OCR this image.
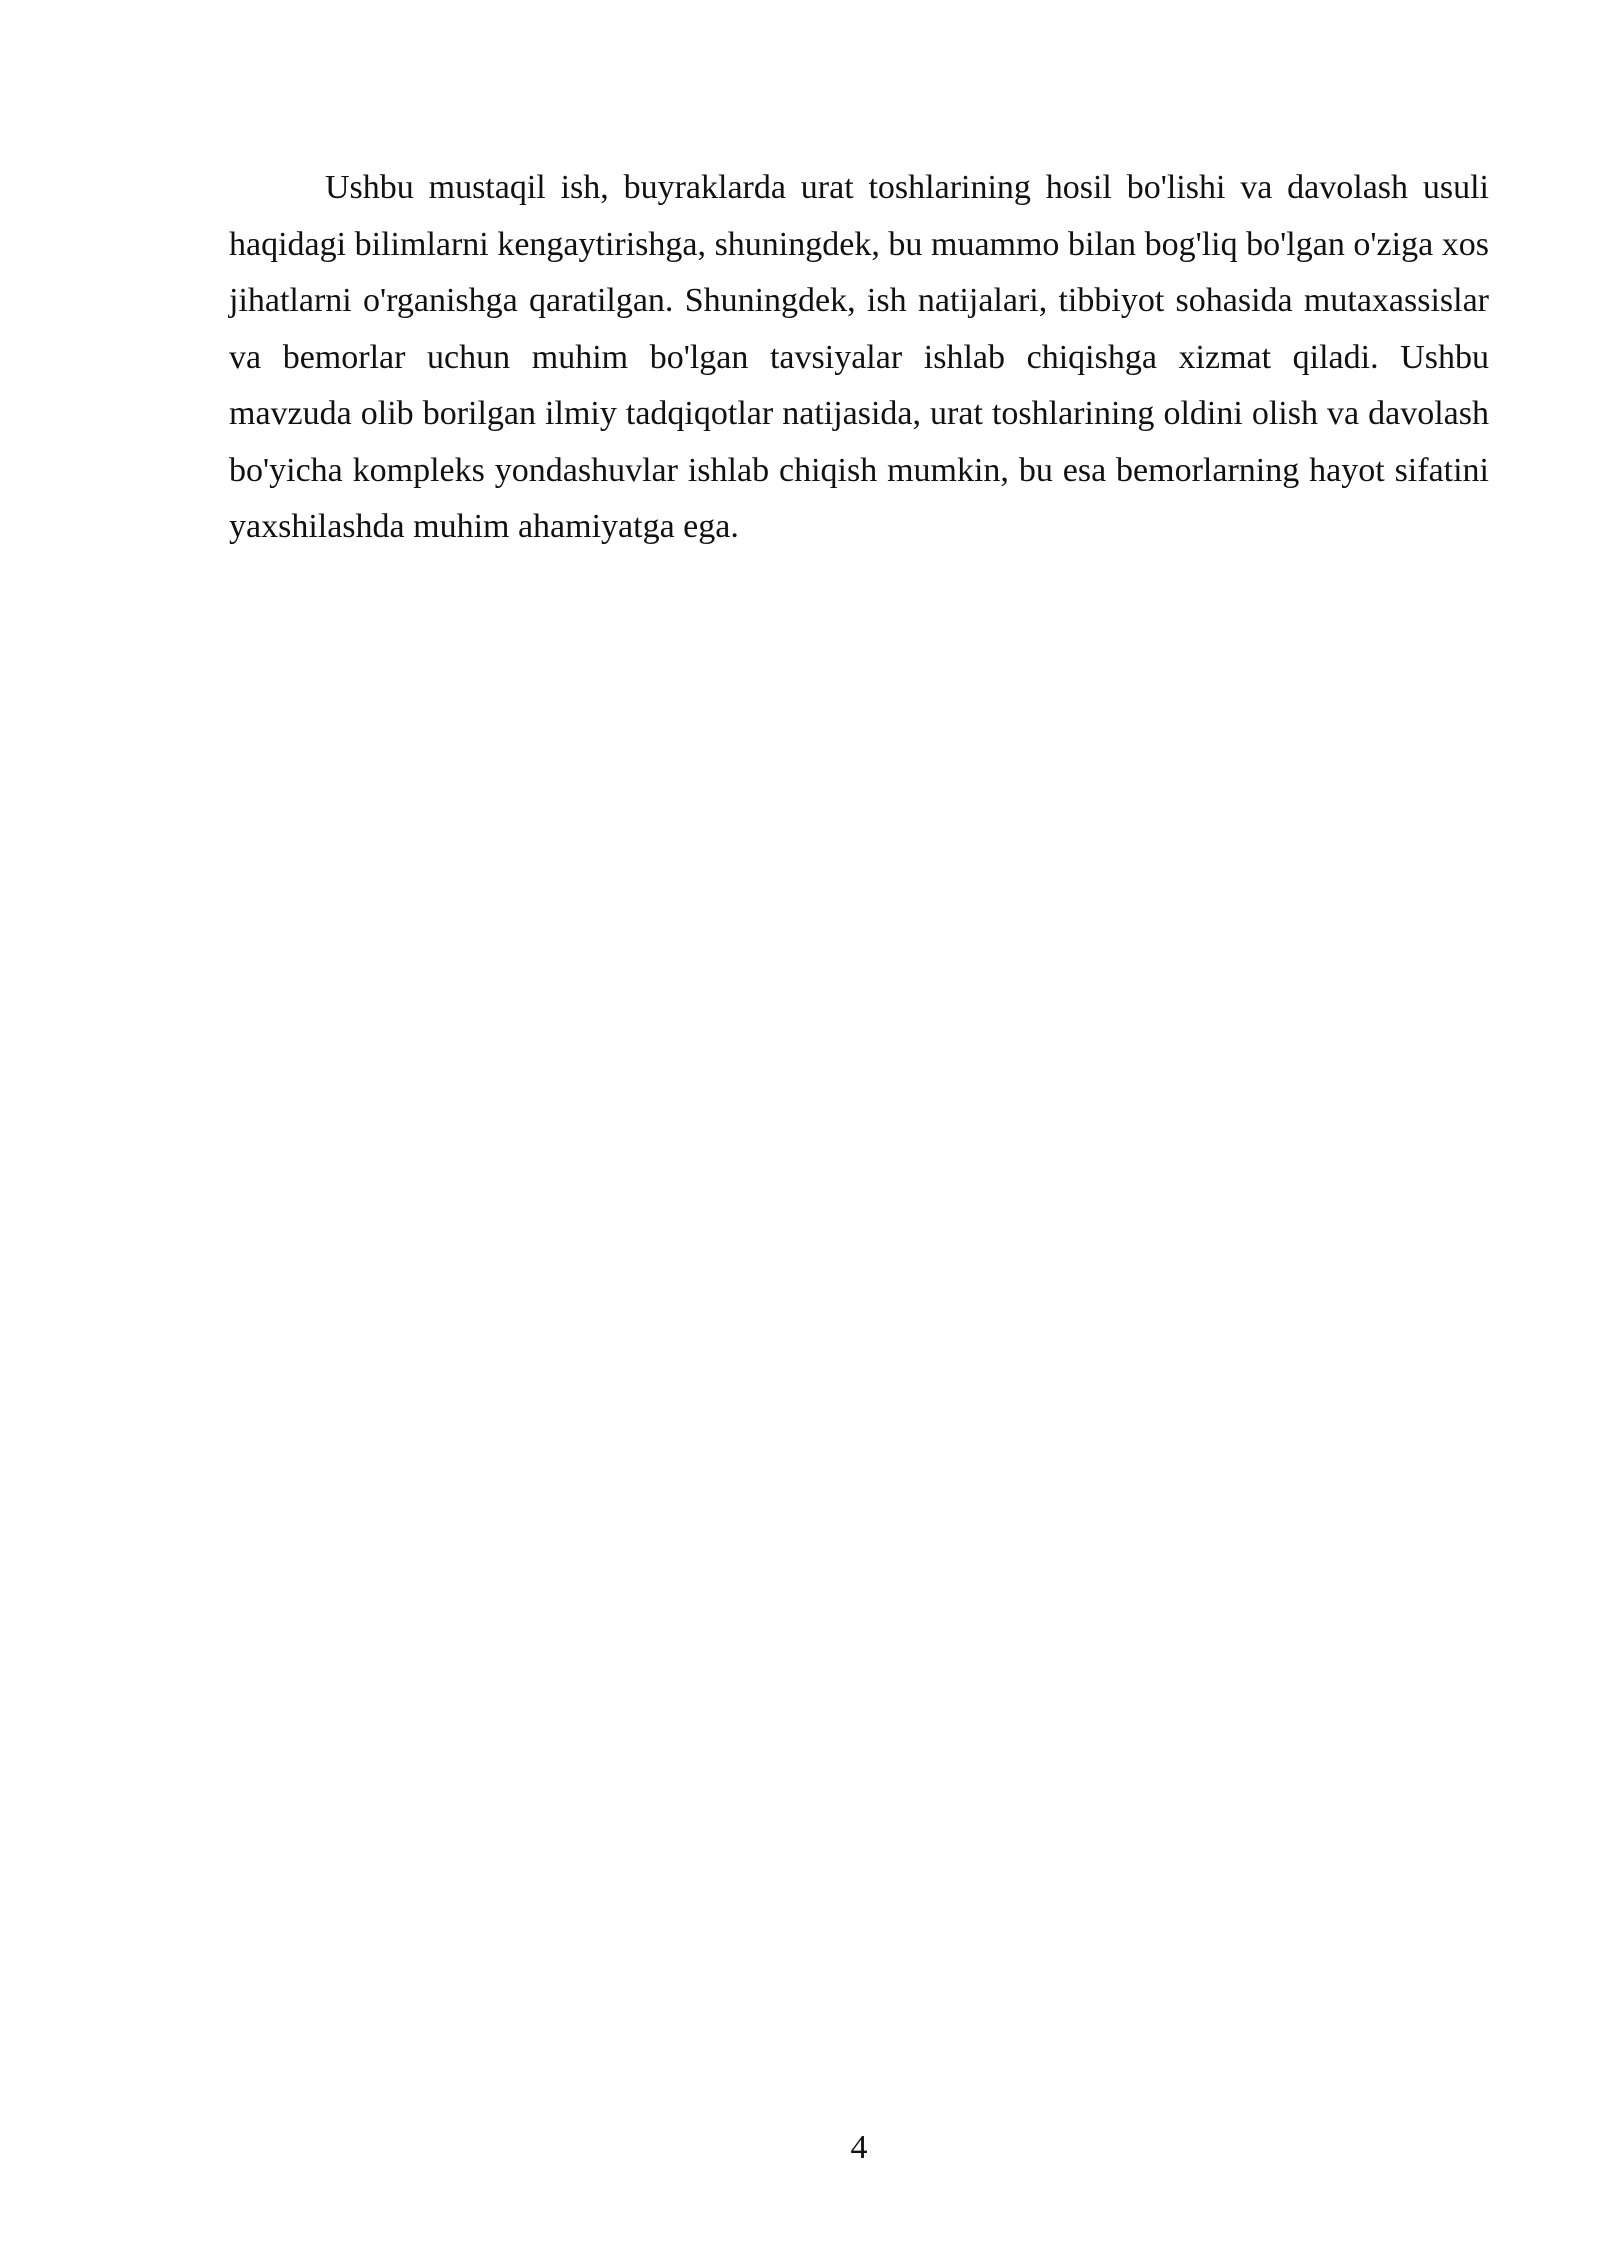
Ushbu mustaqil ish, buyraklarda urat toshlarining hosil bo'lishi va davolash usuli haqidagi bilimlarni kengaytirishga, shuningdek, bu muammo bilan bog'liq bo'lgan o'ziga xos jihatlarni o'rganishga qaratilgan. Shuningdek, ish natijalari, tibbiyot sohasida mutaxassislar va bemorlar uchun muhim bo'lgan tavsiyalar ishlab chiqishga xizmat qiladi. Ushbu mavzuda olib borilgan ilmiy tadqiqotlar natijasida, urat toshlarining oldini olish va davolash bo'yicha kompleks yondashuvlar ishlab chiqish mumkin, bu esa bemorlarning hayot sifatini yaxshilashda muhim ahamiyatga ega.

4
